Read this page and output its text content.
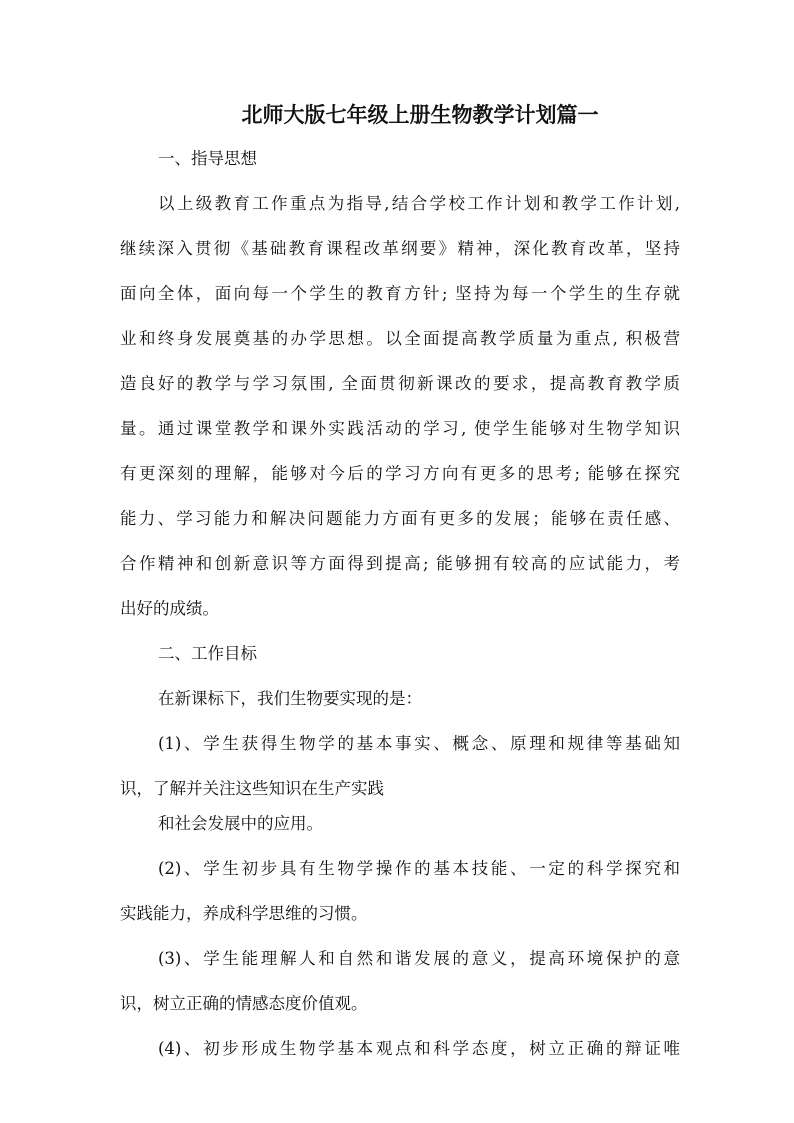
北师大版七年级上册生物教学计划篇一
一、指导思想
以上级教育工作重点为指导,结合学校工作计划和教学工作计划,
继续深入贯彻《基础教育课程改革纲要》精神，深化教育改革，坚持
面向全体，面向每一个学生的教育方针; 坚持为每一个学生的生存就
业和终身发展奠基的办学思想。以全面提高教学质量为重点, 积极营
造良好的教学与学习氛围, 全面贯彻新课改的要求，提高教育教学质
量。通过课堂教学和课外实践活动的学习, 使学生能够对生物学知识
有更深刻的理解，能够对今后的学习方向有更多的思考; 能够在探究
能力、学习能力和解决问题能力方面有更多的发展；能够在责任感、
合作精神和创新意识等方面得到提高; 能够拥有较高的应试能力，考
出好的成绩。
二、工作目标
在新课标下，我们生物要实现的是：
(1)、学生获得生物学的基本事实、概念、原理和规律等基础知
识，了解并关注这些知识在生产实践
和社会发展中的应用。
(2)、学生初步具有生物学操作的基本技能、一定的科学探究和
实践能力，养成科学思维的习惯。
(3)、学生能理解人和自然和谐发展的意义，提高环境保护的意
识，树立正确的情感态度价值观。
(4)、初步形成生物学基本观点和科学态度，树立正确的辩证唯
